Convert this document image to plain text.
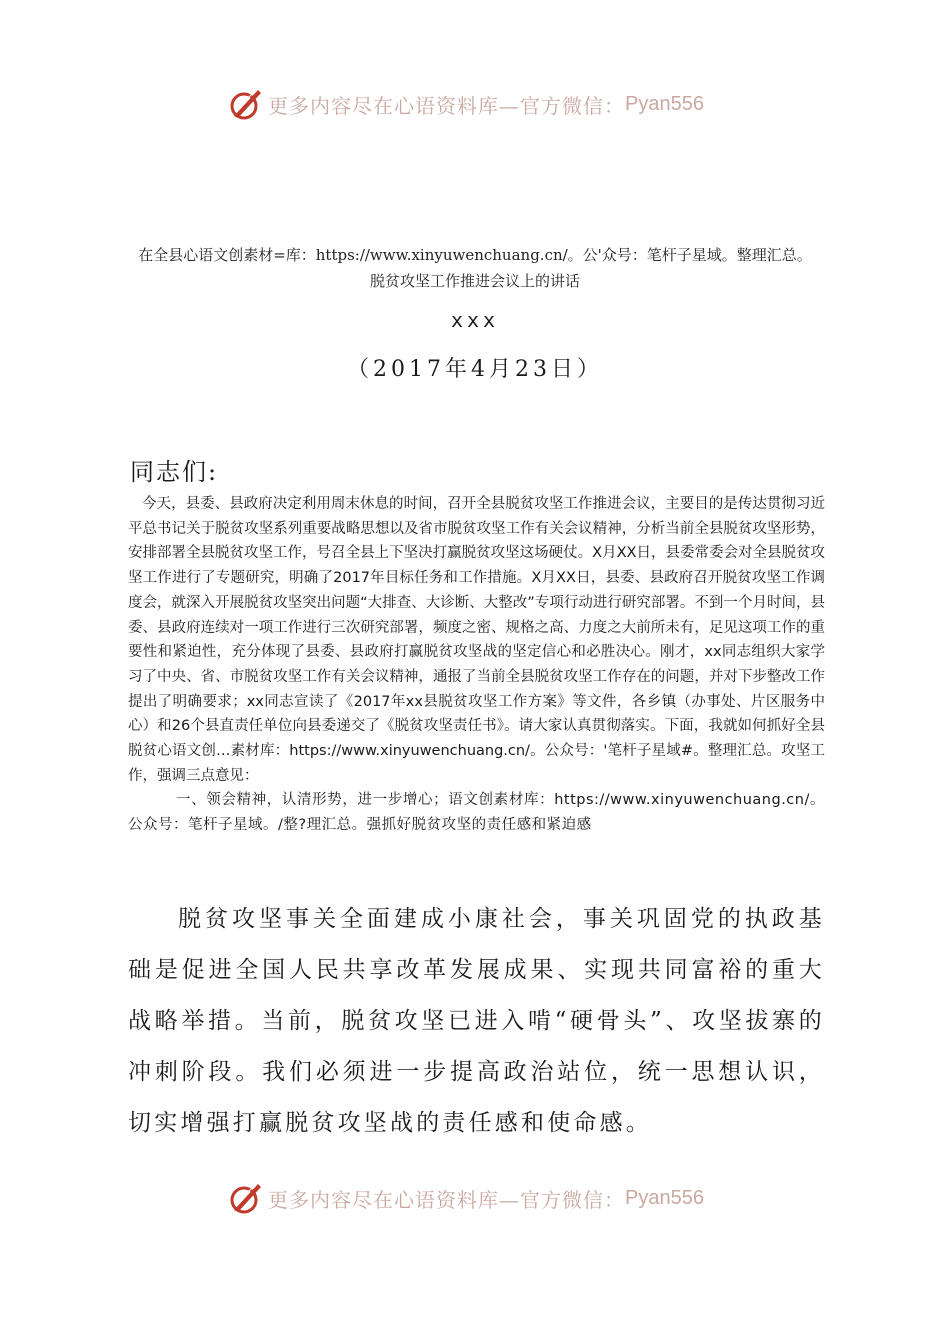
更多内容尽在心语资料库—官方微信： Pyan556
在全县心语文创素材=库：https://www.xinyuwenchuang.cn/。公'众号：笔杆子星域。整理汇总。
脱贫攻坚工作推进会议上的讲话
xxx
（2017年4月23日）
同志们:

今天，县委、县政府决定利用周末休息的时间，召开全县脱贫攻坚工作推进会议，主要目的是传达贯彻习近平总书记关于脱贫攻坚系列重要战略思想以及省市脱贫攻坚工作有关会议精神，分析当前全县脱贫攻坚形势，安排部署全县脱贫攻坚工作，号召全县上下坚决打赢脱贫攻坚这场硬仗。X月XX日，县委常委会对全县脱贫攻坚工作进行了专题研究，明确了2017年目标任务和工作措施。X月XX日，县委、县政府召开脱贫攻坚工作调度会，就深入开展脱贫攻坚突出问题“大排查、大诊断、大整改”专项行动进行研究部署。不到一个月时间，县委、县政府连续对一项工作进行三次研究部署，频度之密、规格之高、力度之大前所未有，足见这项工作的重要性和紧迫性，充分体现了县委、县政府打赢脱贫攻坚战的坚定信心和必胜决心。刚才，xx同志组织大家学习了中央、省、市脱贫攻坚工作有关会议精神，通报了当前全县脱贫攻坚工作存在的问题，并对下步整改工作提出了明确要求；xx同志宣读了《2017年xx县脱贫攻坚工作方案》等文件，各乡镇（办事处、片区服务中心）和26个县直责任单位向县委递交了《脱贫攻坚责任书》。请大家认真贯彻落实。下面，我就如何抓好全县脱贫心语文创…素材库：https://www.xinyuwenchuang.cn/。公众号：'笔杆子星域#。整理汇总。攻坚工作，强调三点意见：

一、领会精神，认清形势，进一步增心；语文创素材库：https://www.xinyuwenchuang.cn/。公众号：笔杆子星域。/整?理汇总。强抓好脱贫攻坚的责任感和紧迫感

脱贫攻坚事关全面建成小康社会，事关巩固党的执政基础是促进全国人民共享改革发展成果、实现共同富裕的重大战略举措。当前，脱贫攻坚已进入啃“硬骨头”、攻坚拔寨的冲刺阶段。我们必须进一步提高政治站位，统一思想认识，切实增强打赢脱贫攻坚战的责任感和使命感。
更多内容尽在心语资料库—官方微信： Pyan556
